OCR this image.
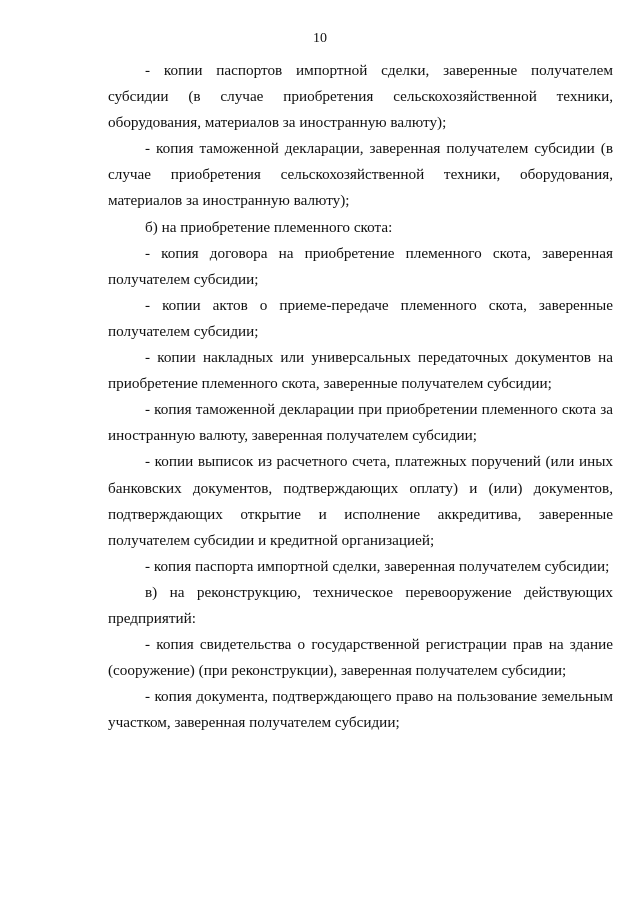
10

- копии паспортов импортной сделки, заверенные получателем субсидии (в случае приобретения сельскохозяйственной техники, оборудования, материалов за иностранную валюту);

- копия таможенной декларации, заверенная получателем субсидии (в случае приобретения сельскохозяйственной техники, оборудования, материалов за иностранную валюту);

б) на приобретение племенного скота:

- копия договора на приобретение племенного скота, заверенная получателем субсидии;

- копии актов о приеме-передаче племенного скота, заверенные получателем субсидии;

- копии накладных или универсальных передаточных документов на приобретение племенного скота, заверенные получателем субсидии;

- копия таможенной декларации при приобретении племенного скота за иностранную валюту, заверенная получателем субсидии;

- копии выписок из расчетного счета, платежных поручений (или иных банковских документов, подтверждающих оплату) и (или) документов, подтверждающих открытие и исполнение аккредитива, заверенные получателем субсидии и кредитной организацией;

- копия паспорта импортной сделки, заверенная получателем субсидии;

в) на реконструкцию, техническое перевооружение действующих предприятий:

- копия свидетельства о государственной регистрации прав на здание (сооружение) (при реконструкции), заверенная получателем субсидии;

- копия документа, подтверждающего право на пользование земельным участком, заверенная получателем субсидии;
